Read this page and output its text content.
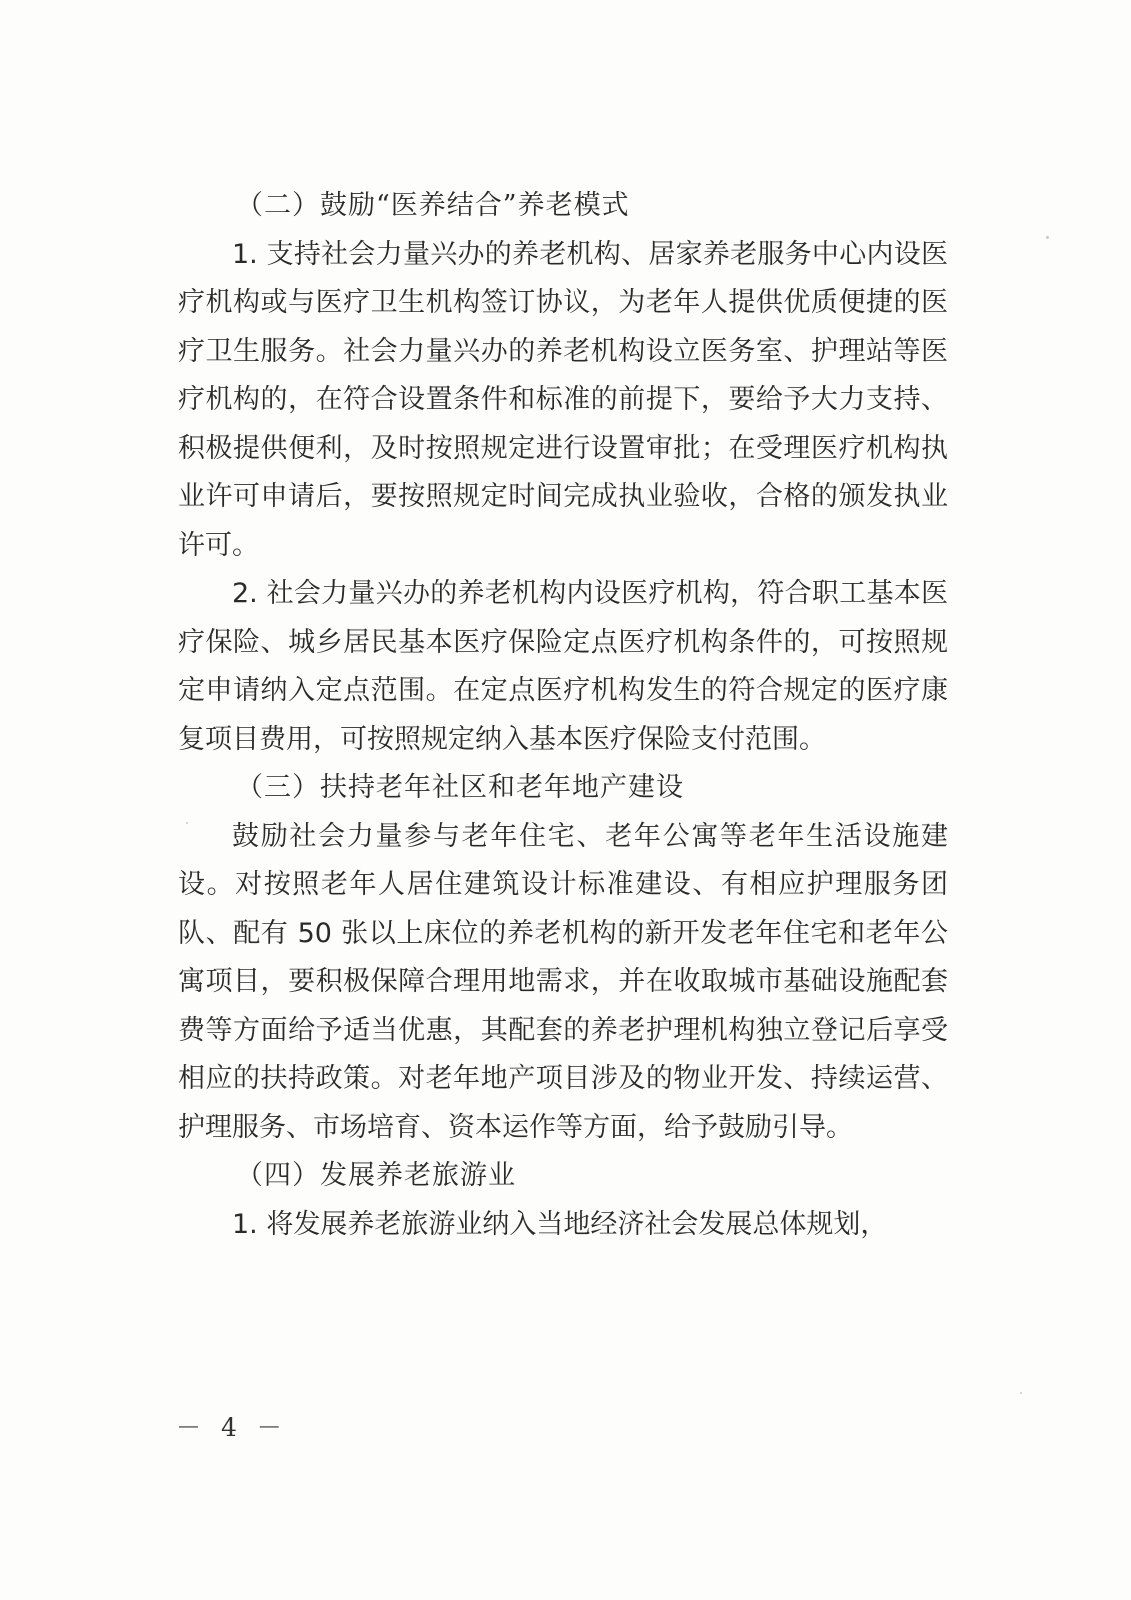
（二）鼓励“医养结合”养老模式

1. 支持社会力量兴办的养老机构、居家养老服务中心内设医疗机构或与医疗卫生机构签订协议，为老年人提供优质便捷的医疗卫生服务。社会力量兴办的养老机构设立医务室、护理站等医疗机构的，在符合设置条件和标准的前提下，要给予大力支持、积极提供便利，及时按照规定进行设置审批；在受理医疗机构执业许可申请后，要按照规定时间完成执业验收，合格的颁发执业许可。

2. 社会力量兴办的养老机构内设医疗机构，符合职工基本医疗保险、城乡居民基本医疗保险定点医疗机构条件的，可按照规定申请纳入定点范围。在定点医疗机构发生的符合规定的医疗康复项目费用，可按照规定纳入基本医疗保险支付范围。

（三）扶持老年社区和老年地产建设

鼓励社会力量参与老年住宅、老年公寓等老年生活设施建设。对按照老年人居住建筑设计标准建设、有相应护理服务团队、配有 50 张以上床位的养老机构的新开发老年住宅和老年公寓项目，要积极保障合理用地需求，并在收取城市基础设施配套费等方面给予适当优惠，其配套的养老护理机构独立登记后享受相应的扶持政策。对老年地产项目涉及的物业开发、持续运营、护理服务、市场培育、资本运作等方面，给予鼓励引导。

（四）发展养老旅游业

1. 将发展养老旅游业纳入当地经济社会发展总体规划，

－ 4 －
